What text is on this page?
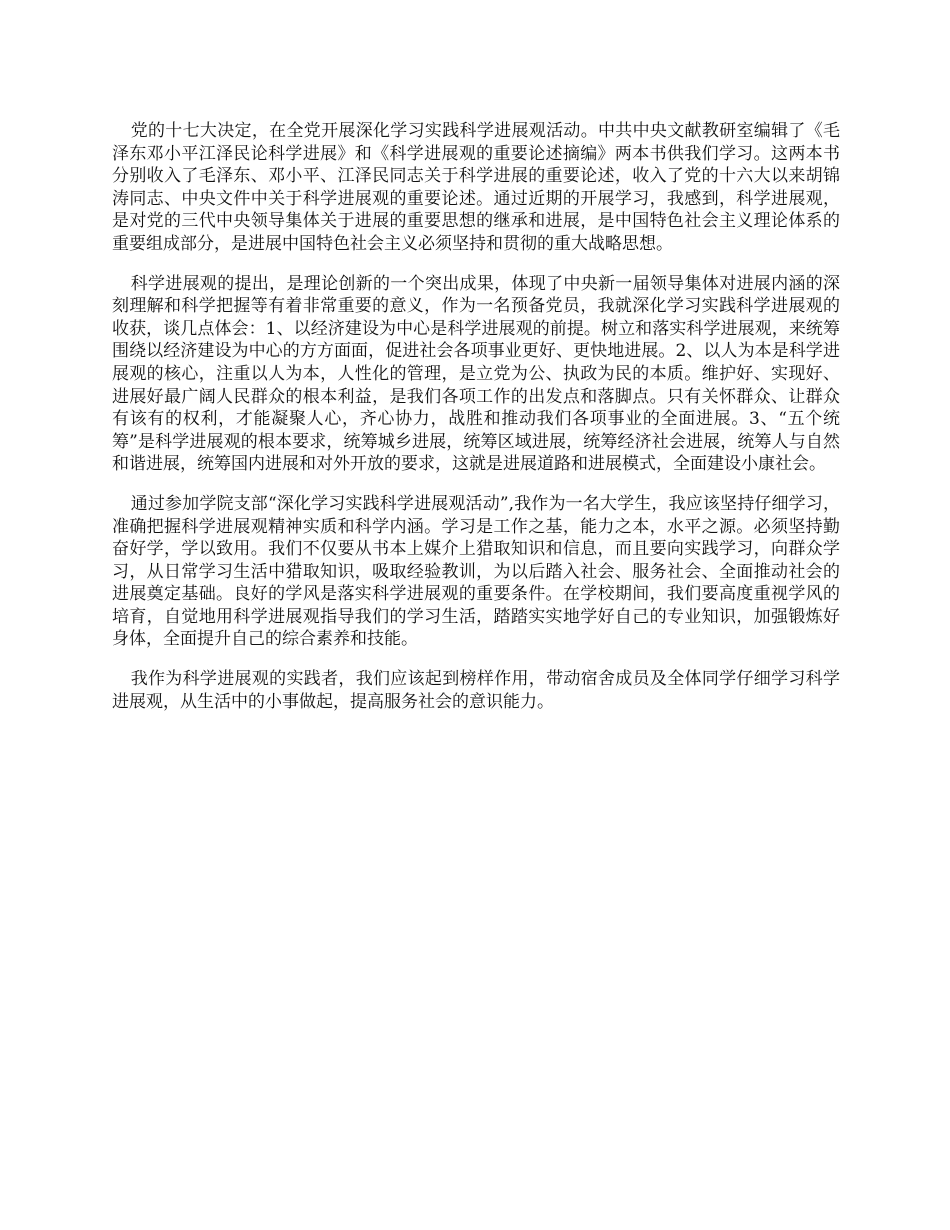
党的十七大决定，在全党开展深化学习实践科学进展观活动。中共中央文献教研室编辑了《毛泽东邓小平江泽民论科学进展》和《科学进展观的重要论述摘编》两本书供我们学习。这两本书分别收入了毛泽东、邓小平、江泽民同志关于科学进展的重要论述，收入了党的十六大以来胡锦涛同志、中央文件中关于科学进展观的重要论述。通过近期的开展学习，我感到，科学进展观，是对党的三代中央领导集体关于进展的重要思想的继承和进展，是中国特色社会主义理论体系的重要组成部分，是进展中国特色社会主义必须坚持和贯彻的重大战略思想。

科学进展观的提出，是理论创新的一个突出成果，体现了中央新一届领导集体对进展内涵的深刻理解和科学把握等有着非常重要的意义，作为一名预备党员，我就深化学习实践科学进展观的收获，谈几点体会：1、以经济建设为中心是科学进展观的前提。树立和落实科学进展观，来统筹围绕以经济建设为中心的方方面面，促进社会各项事业更好、更快地进展。2、以人为本是科学进展观的核心，注重以人为本，人性化的管理，是立党为公、执政为民的本质。维护好、实现好、进展好最广阔人民群众的根本利益，是我们各项工作的出发点和落脚点。只有关怀群众、让群众有该有的权利，才能凝聚人心，齐心协力，战胜和推动我们各项事业的全面进展。3、“五个统筹”是科学进展观的根本要求，统筹城乡进展，统筹区域进展，统筹经济社会进展，统筹人与自然和谐进展，统筹国内进展和对外开放的要求，这就是进展道路和进展模式，全面建设小康社会。

通过参加学院支部“深化学习实践科学进展观活动”,我作为一名大学生，我应该坚持仔细学习，准确把握科学进展观精神实质和科学内涵。学习是工作之基，能力之本，水平之源。必须坚持勤奋好学，学以致用。我们不仅要从书本上媒介上猎取知识和信息，而且要向实践学习，向群众学习，从日常学习生活中猎取知识，吸取经验教训，为以后踏入社会、服务社会、全面推动社会的进展奠定基础。良好的学风是落实科学进展观的重要条件。在学校期间，我们要高度重视学风的培育，自觉地用科学进展观指导我们的学习生活，踏踏实实地学好自己的专业知识，加强锻炼好身体，全面提升自己的综合素养和技能。

我作为科学进展观的实践者，我们应该起到榜样作用，带动宿舍成员及全体同学仔细学习科学进展观，从生活中的小事做起，提高服务社会的意识能力。
